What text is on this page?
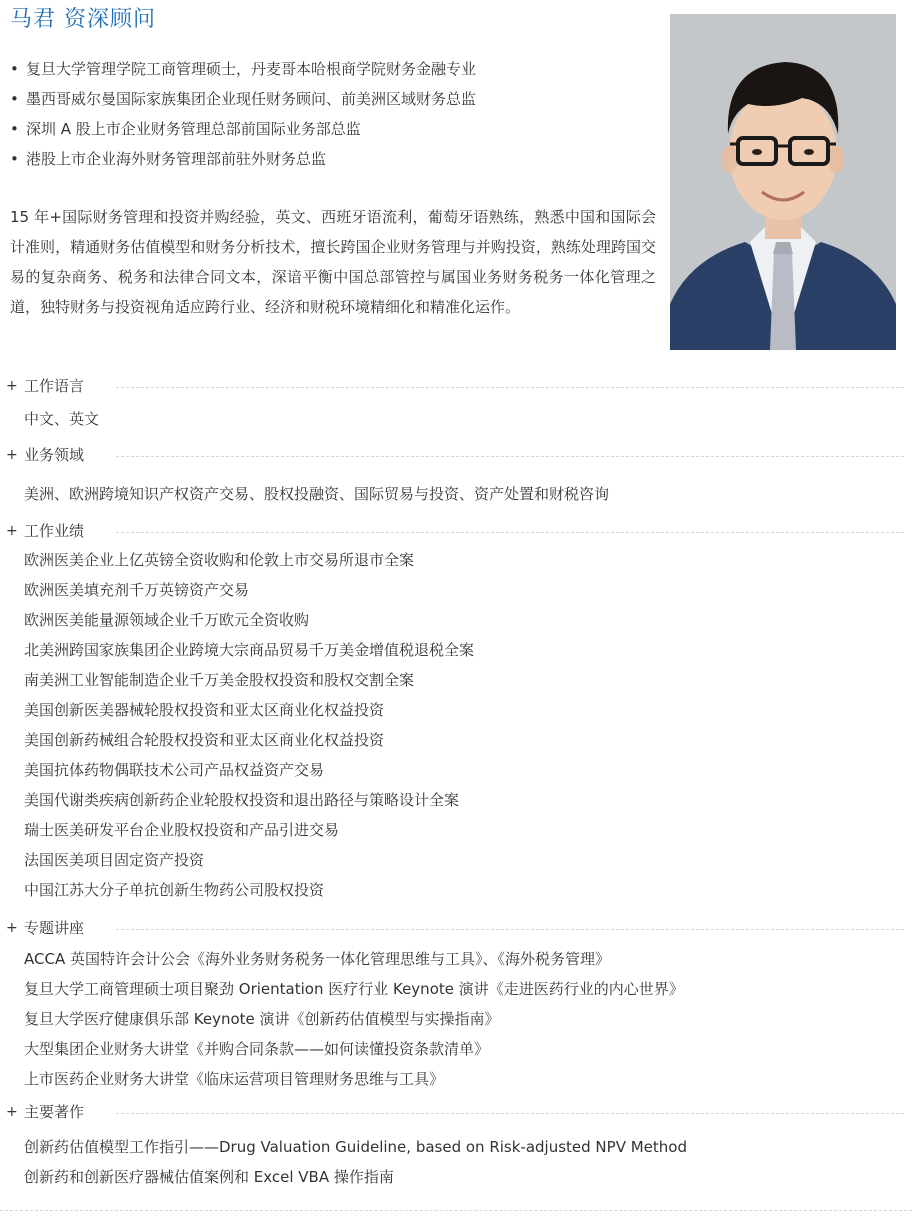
马君 资深顾问
• 复旦大学管理学院工商管理硕士，丹麦哥本哈根商学院财务金融专业
• 墨西哥威尔曼国际家族集团企业现任财务顾问、前美洲区域财务总监
• 深圳 A 股上市企业财务管理总部前国际业务部总监
• 港股上市企业海外财务管理部前驻外财务总监

15 年+国际财务管理和投资并购经验，英文、西班牙语流利，葡萄牙语熟练，熟悉中国和国际会计准则，精通财务估值模型和财务分析技术，擅长跨国企业财务管理与并购投资，熟练处理跨国交易的复杂商务、税务和法律合同文本，深谙平衡中国总部管控与属国业务财务税务一体化管理之道，独特财务与投资视角适应跨行业、经济和财税环境精细化和精准化运作。

+ 工作语言
中文、英文
+ 业务领域
美洲、欧洲跨境知识产权资产交易、股权投融资、国际贸易与投资、资产处置和财税咨询
+ 工作业绩
欧洲医美企业上亿英镑全资收购和伦敦上市交易所退市全案
欧洲医美填充剂千万英镑资产交易
欧洲医美能量源领域企业千万欧元全资收购
北美洲跨国家族集团企业跨境大宗商品贸易千万美金增值税退税全案
南美洲工业智能制造企业千万美金股权投资和股权交割全案
美国创新医美器械轮股权投资和亚太区商业化权益投资
美国创新药械组合轮股权投资和亚太区商业化权益投资
美国抗体药物偶联技术公司产品权益资产交易
美国代谢类疾病创新药企业轮股权投资和退出路径与策略设计全案
瑞士医美研发平台企业股权投资和产品引进交易
法国医美项目固定资产投资
中国江苏大分子单抗创新生物药公司股权投资
+ 专题讲座
ACCA 英国特许会计公会《海外业务财务税务一体化管理思维与工具》、《海外税务管理》
复旦大学工商管理硕士项目聚劲 Orientation 医疗行业 Keynote 演讲《走进医药行业的内心世界》
复旦大学医疗健康俱乐部 Keynote 演讲《创新药估值模型与实操指南》
大型集团企业财务大讲堂《并购合同条款——如何读懂投资条款清单》
上市医药企业财务大讲堂《临床运营项目管理财务思维与工具》
+ 主要著作
创新药估值模型工作指引——Drug Valuation Guideline, based on Risk-adjusted NPV Method
创新药和创新医疗器械估值案例和 Excel VBA 操作指南
